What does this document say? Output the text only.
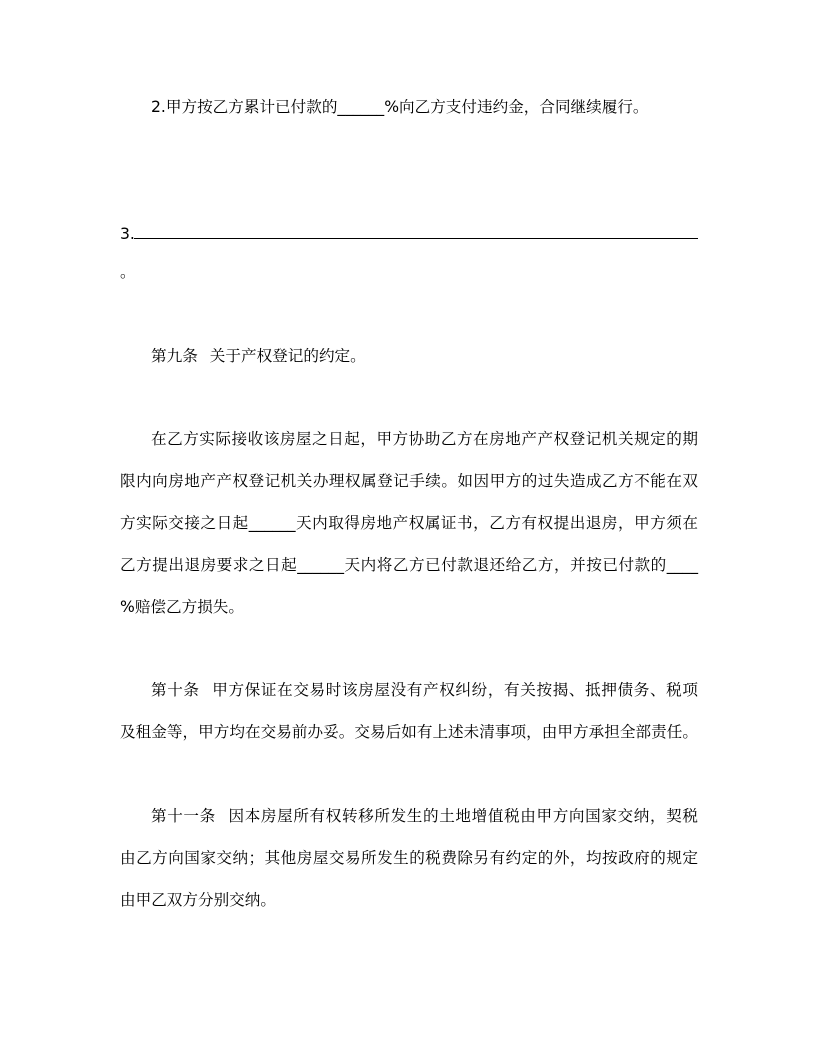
2.甲方按乙方累计已付款的______%向乙方支付违约金，合同继续履行。

3.

。

第九条 关于产权登记的约定。

在乙方实际接收该房屋之日起，甲方协助乙方在房地产产权登记机关规定的期

限内向房地产产权登记机关办理权属登记手续。如因甲方的过失造成乙方不能在双

方实际交接之日起______天内取得房地产权属证书，乙方有权提出退房，甲方须在

乙方提出退房要求之日起______天内将乙方已付款退还给乙方，并按已付款的____

%赔偿乙方损失。

第十条 甲方保证在交易时该房屋没有产权纠纷，有关按揭、抵押债务、税项

及租金等，甲方均在交易前办妥。交易后如有上述未清事项，由甲方承担全部责任。

第十一条 因本房屋所有权转移所发生的土地增值税由甲方向国家交纳，契税

由乙方向国家交纳；其他房屋交易所发生的税费除另有约定的外，均按政府的规定

由甲乙双方分别交纳。
